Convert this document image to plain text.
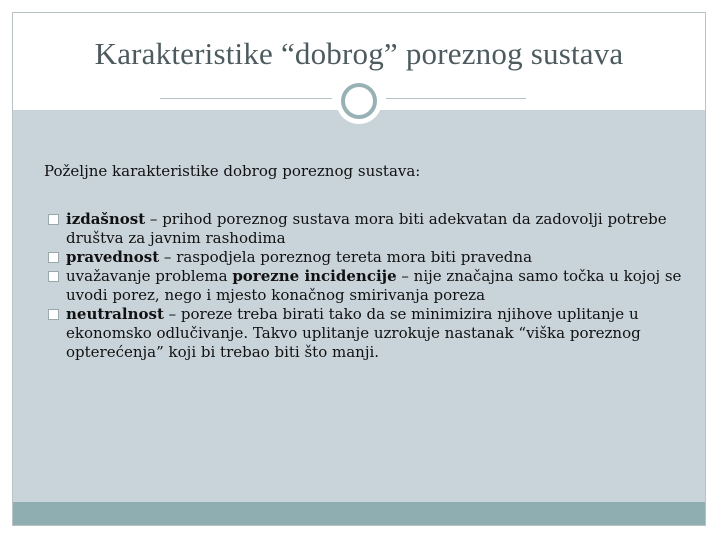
Karakteristike “dobrog” poreznog sustava
Poželjne karakteristike dobrog poreznog sustava:
izdašnost – prihod poreznog sustava mora biti adekvatan da zadovolji potrebe društva za javnim rashodima
pravednost – raspodjela poreznog tereta mora biti pravedna
uvažavanje problema porezne incidencije – nije značajna samo točka u kojoj se uvodi porez, nego i mjesto konačnog smirivanja poreza
neutralnost – poreze treba birati tako da se minimizira njihove uplitanje u ekonomsko odlučivanje. Takvo uplitanje uzrokuje nastanak “viška poreznog opterećenja” koji bi trebao biti što manji.
